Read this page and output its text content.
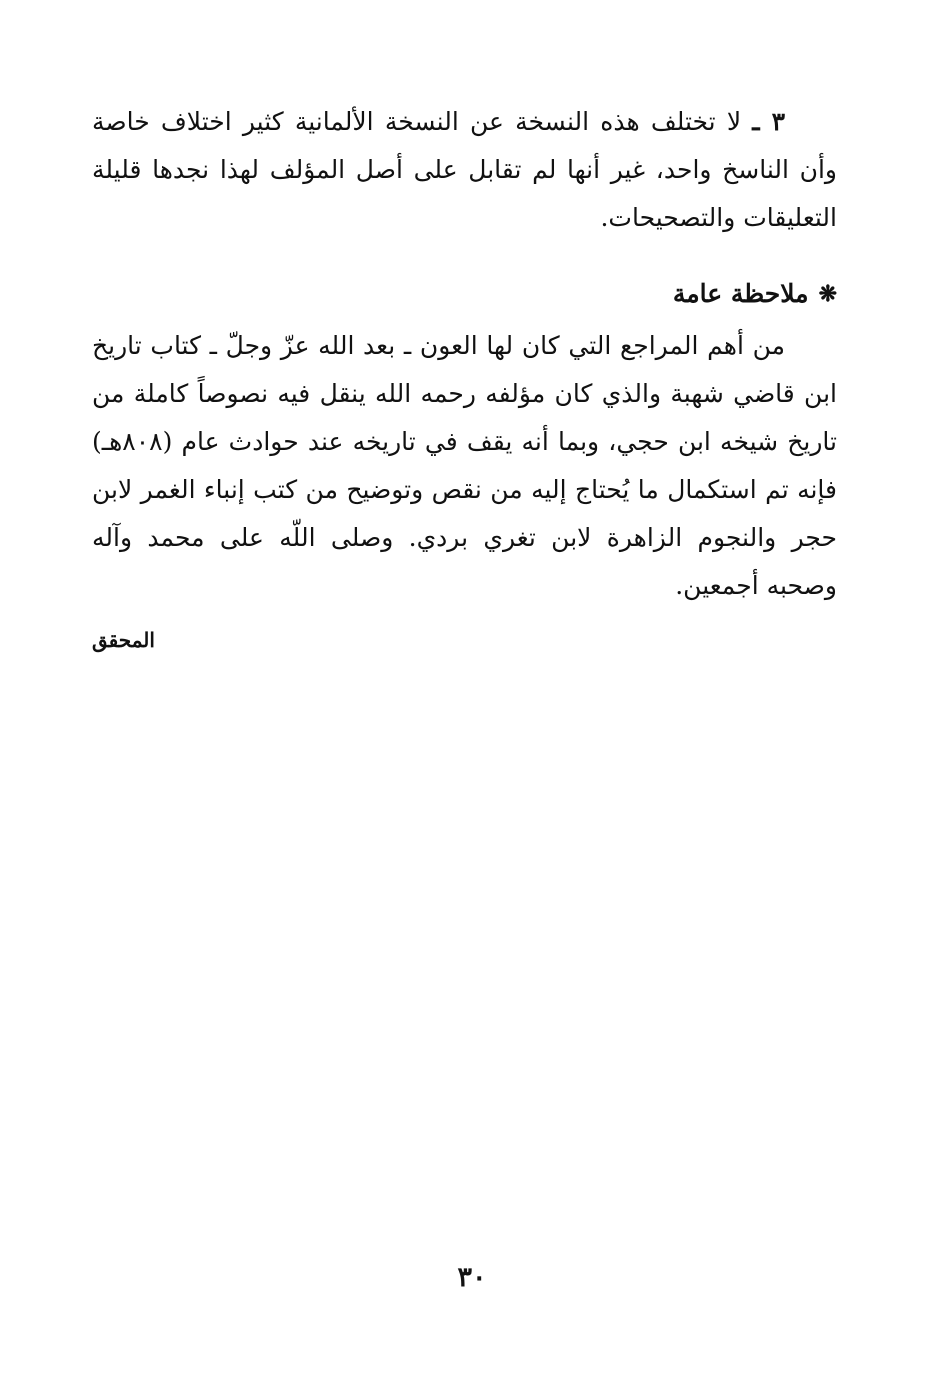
٣ ـ لا تختلف هذه النسخة عن النسخة الألمانية كثير اختلاف خاصة وأن الناسخ واحد، غير أنها لم تقابل على أصل المؤلف لهذا نجدها قليلة التعليقات والتصحيحات.

❋
ملاحظة عامة

من أهم المراجع التي كان لها العون ـ بعد الله عزّ وجلّ ـ كتاب تاريخ ابن قاضي شهبة والذي كان مؤلفه رحمه الله ينقل فيه نصوصاً كاملة من تاريخ شيخه ابن حجي، وبما أنه يقف في تاريخه عند حوادث عام (٨٠٨هـ) فإنه تم استكمال ما يُحتاج إليه من نقص وتوضيح من كتب إنباء الغمر لابن حجر والنجوم الزاهرة لابن تغري بردي. وصلى اللّه على محمد وآله وصحبه أجمعين.

المحقق
٣٠
